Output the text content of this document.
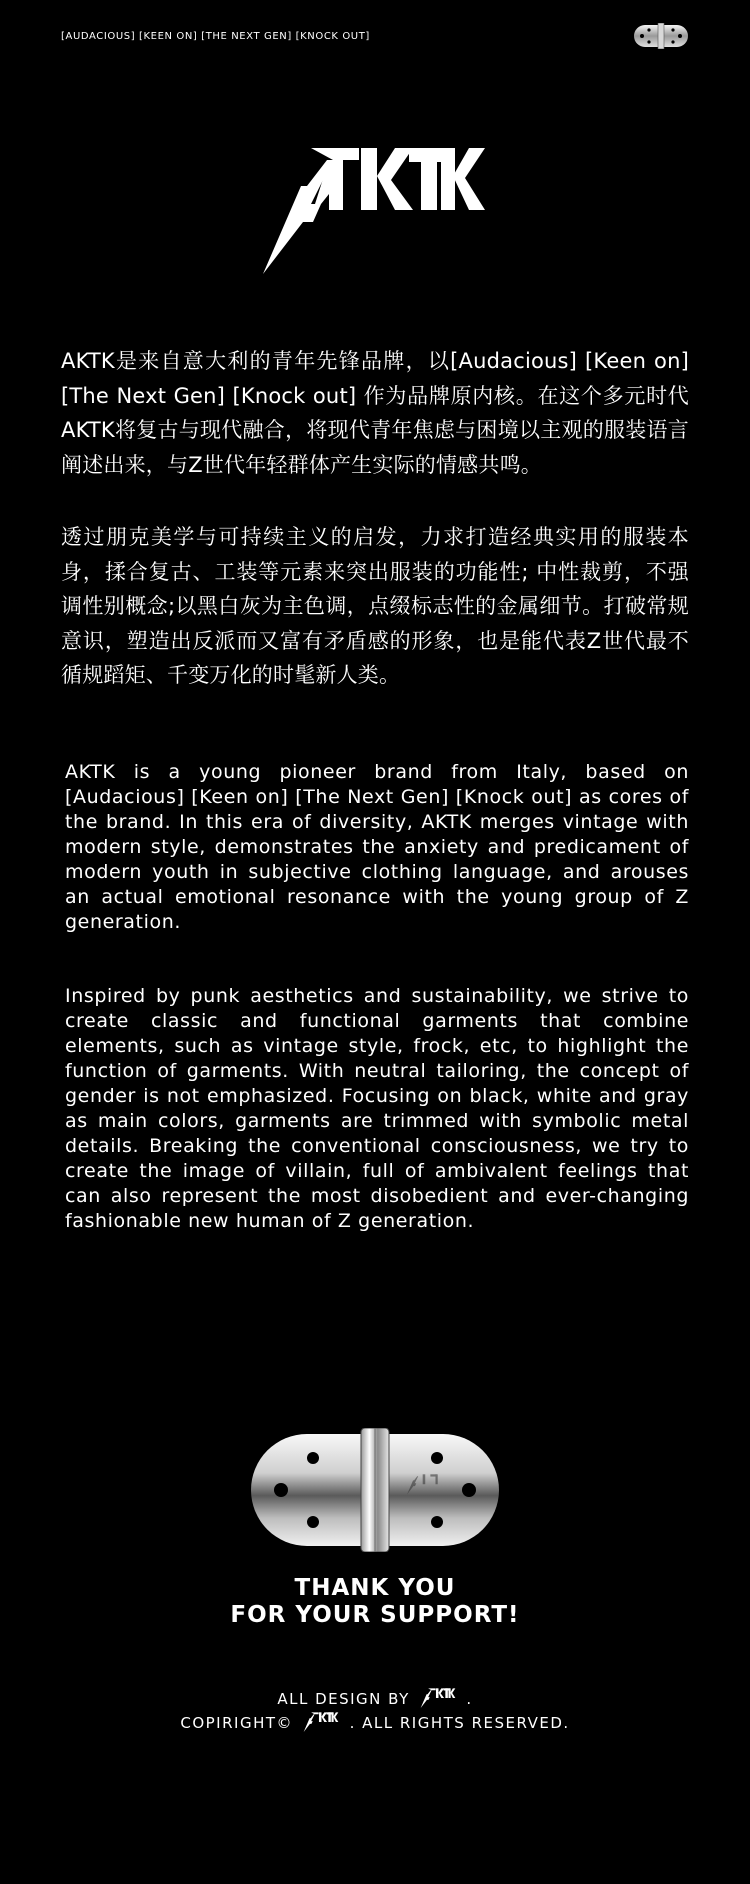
[AUDACIOUS] [KEEN ON] [THE NEXT GEN] [KNOCK OUT]
AKTK是来自意大利的青年先锋品牌，以[Audacious] [Keen on] [The Next Gen] [Knock out] 作为品牌原内核。在这个多元时代AKTK将复古与现代融合，将现代青年焦虑与困境以主观的服装语言阐述出来，与Z世代年轻群体产生实际的情感共鸣。
透过朋克美学与可持续主义的启发，力求打造经典实用的服装本身，揉合复古、工装等元素来突出服装的功能性; 中性裁剪，不强调性别概念;以黑白灰为主色调，点缀标志性的金属细节。打破常规意识，塑造出反派而又富有矛盾感的形象，也是能代表Z世代最不循规蹈矩、千变万化的时髦新人类。
AKTK is a young pioneer brand from Italy, based on [Audacious] [Keen on] [The Next Gen] [Knock out] as cores of the brand. In this era of diversity, AKTK merges vintage with modern style, demonstrates the anxiety and predicament of modern youth in subjective clothing language, and arouses an actual emotional resonance with the young group of Z generation.
Inspired by punk aesthetics and sustainability, we strive to create classic and functional garments that combine elements, such as vintage style, frock, etc, to highlight the function of garments. With neutral tailoring, the concept of gender is not emphasized. Focusing on black, white and gray as main colors, garments are trimmed with symbolic metal details. Breaking the conventional consciousness, we try to create the image of villain, full of ambivalent feelings that can also represent the most disobedient and ever-changing fashionable new human of Z generation.
THANK YOU
FOR YOUR SUPPORT!
ALL DESIGN BY	.
COPIRIGHT©	. ALL RIGHTS RESERVED.
